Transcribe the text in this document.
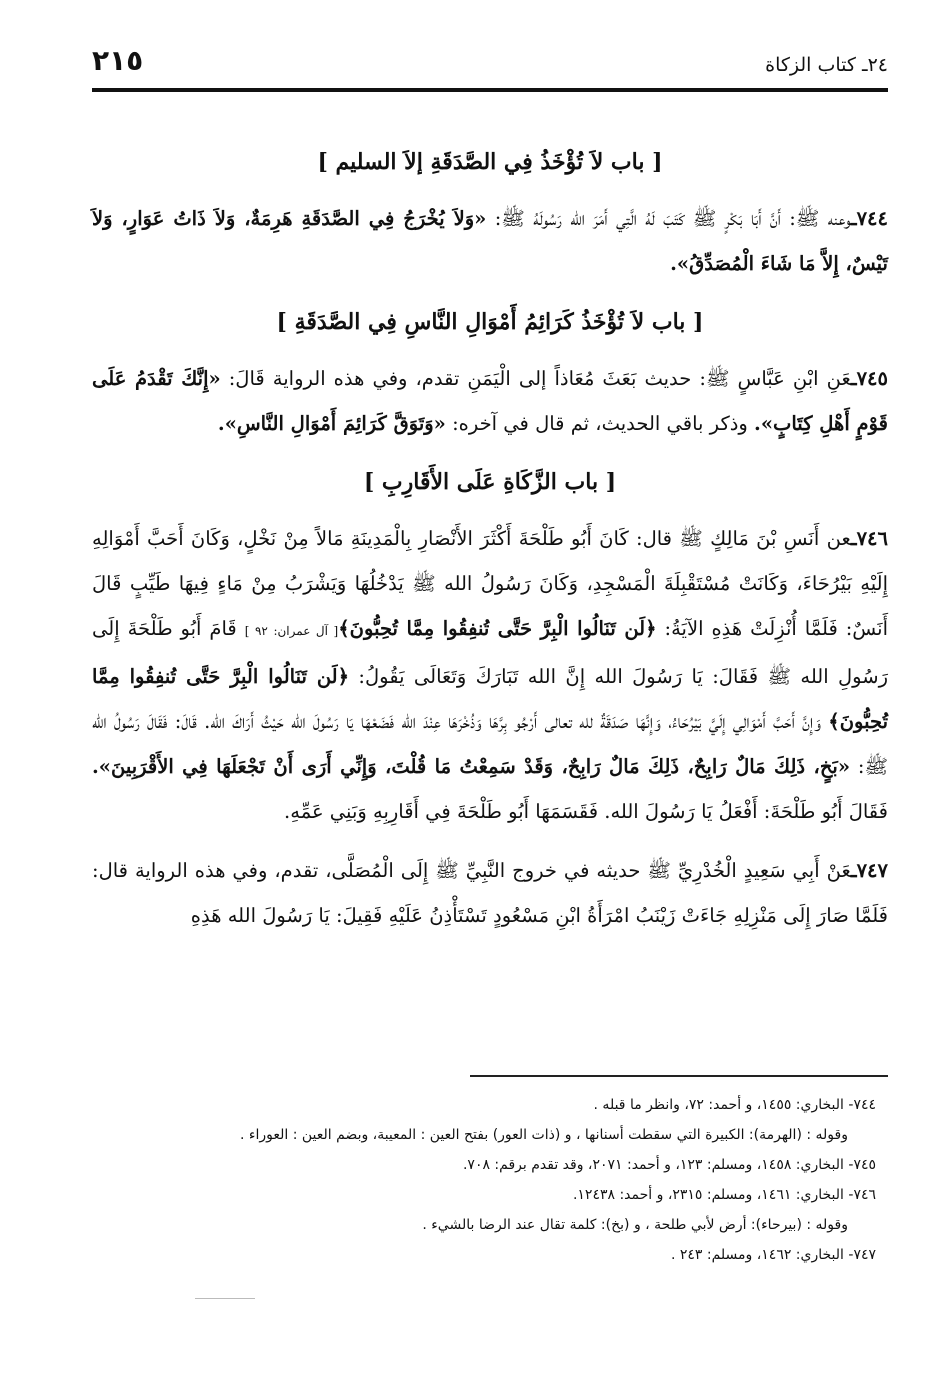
٢١٥	٢٤ـ كتاب الزكاة
[ باب لاَ تُؤْخَذُ فِي الصَّدَقَةِ إلاَ السليم ]

٧٤٤ـوعنه ﷺ: أَنَّ أَبَا بَكْرٍ ﷺ كَتَبَ لَهُ الَّتِي أَمَرَ الله رَسُولَهُ ﷺ: «وَلاَ يُخْرَجُ فِي الصَّدَقَةِ هَرِمَةٌ، وَلاَ ذَاتُ عَوَارٍ، وَلاَ تَيْسٌ، إِلاَّ مَا شَاءَ الْمُصَدِّقُ».

[ باب لاَ تُؤْخَذُ كَرَائِمُ أَمْوَالِ النَّاسِ فِي الصَّدَقَةِ ]

٧٤٥ـعَنِ ابْنِ عَبَّاسٍ ﷺ: حديث بَعَثَ مُعَاذاً إلى الْيَمَنِ تقدم، وفي هذه الرواية قَالَ: «إِنَّكَ تَقْدَمُ عَلَى قَوْمٍ أَهْلِ كِتَابٍ». وذكر باقي الحديث، ثم قال في آخره: «وَتَوَقَّ كَرَائِمَ أَمْوَالِ النَّاسِ».

[ باب الزَّكَاةِ عَلَى الأَقَارِبِ ]

٧٤٦ـعن أَنَسِ بْنَ مَالِكٍ ﷺ قال: كَانَ أَبُو طَلْحَةَ أَكْثَرَ الأَنْصَارِ بِالْمَدِينَةِ مَالاً مِنْ نَخْلٍ، وَكَانَ أَحَبَّ أَمْوَالِهِ إِلَيْهِ بَيْرُحَاءَ، وَكَانَتْ مُسْتَقْبِلَةَ الْمَسْجِدِ، وَكَانَ رَسُولُ الله ﷺ يَدْخُلُهَا وَيَشْرَبُ مِنْ مَاءٍ فِيهَا طَيِّبٍ قَالَ أَنَسٌ: فَلَمَّا أُنْزِلَتْ هَذِهِ الآيَةُ: ﴿لَن تَنَالُوا الْبِرَّ حَتَّى تُنفِقُوا مِمَّا تُحِبُّونَ﴾[ آل عمران: ٩٢ ] قَامَ أَبُو طَلْحَةَ إِلَى رَسُولِ الله ﷺ فَقَالَ: يَا رَسُولَ الله إِنَّ الله تَبَارَكَ وَتَعَالَى يَقُولُ: ﴿لَن تَنَالُوا الْبِرَّ حَتَّى تُنفِقُوا مِمَّا تُحِبُّونَ﴾ وَإِنَّ أَحَبَّ أَمْوَالِي إِلَيَّ بَيْرُحَاءُ، وَإِنَّهَا صَدَقَةٌ لله تعالى أَرْجُو بِرَّهَا وَذُخْرَهَا عِنْدَ الله فَضَعْهَا يَا رَسُولَ الله حَيْثُ أَرَاكَ الله. قَالَ: فَقَالَ رَسُولُ الله ﷺ: «بَخٍ، ذَلِكَ مَالٌ رَابِحٌ، ذَلِكَ مَالٌ رَابِحٌ، وَقَدْ سَمِعْتُ مَا قُلْتَ، وَإِنِّي أَرَى أَنْ تَجْعَلَهَا فِي الأَقْرَبِينَ». فَقَالَ أَبُو طَلْحَةَ: أَفْعَلُ يَا رَسُولَ الله. فَقَسَمَهَا أَبُو طَلْحَةَ فِي أَقَارِبِهِ وَبَنِي عَمِّهِ.

٧٤٧ـعَنْ أَبِي سَعِيدٍ الْخُدْرِيِّ ﷺ حديثه في خروج النَّبِيِّ ﷺ إِلَى الْمُصَلَّى، تقدم، وفي هذه الرواية قال: فَلَمَّا صَارَ إِلَى مَنْزِلِهِ جَاءَتْ زَيْنَبُ امْرَأَةُ ابْنِ مَسْعُودٍ تَسْتَأْذِنُ عَلَيْهِ فَقِيلَ: يَا رَسُولَ الله هَذِهِ

٧٤٤- البخاري: ١٤٥٥، و أحمد: ٧٢، وانظر ما قبله .

وقوله : (الهرمة): الكبيرة التي سقطت أسنانها ، و (ذات العور) بفتح العين : المعيبة، وبضم العين : العوراء .

٧٤٥- البخاري: ١٤٥٨، ومسلم: ١٢٣، و أحمد: ٢٠٧١، وقد تقدم برقم: ٧٠٨.

٧٤٦- البخاري: ١٤٦١، ومسلم: ٢٣١٥، و أحمد: ١٢٤٣٨.

وقوله : (بيرحاء): أرض لأبي طلحة ، و (بخ): كلمة تقال عند الرضا بالشيء .

٧٤٧- البخاري: ١٤٦٢، ومسلم: ٢٤٣ .
